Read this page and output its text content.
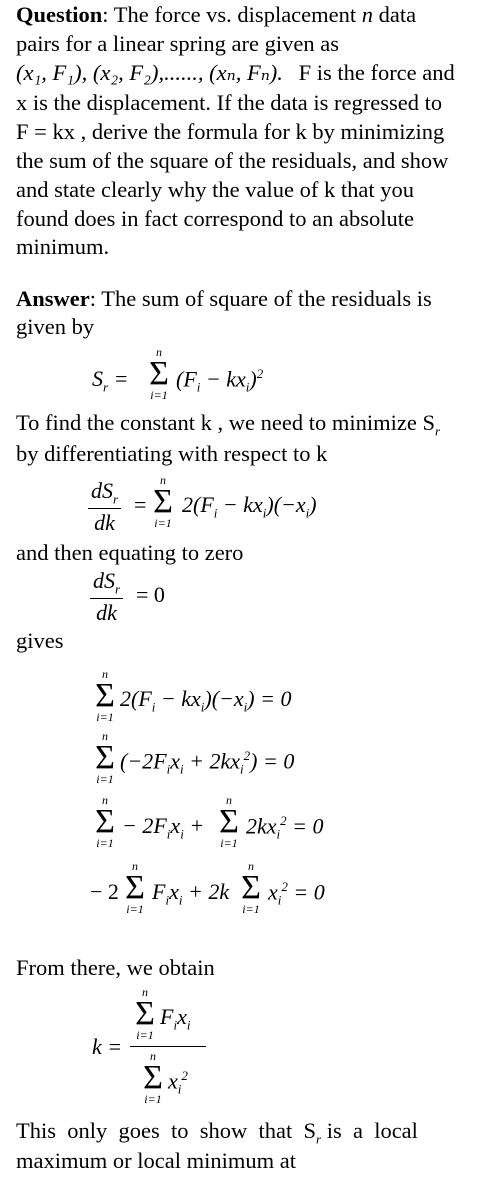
Question: The force vs. displacement n data
pairs for a linear spring are given as
(x₁, F₁), (x₂, F₂),......, (xₙ, Fₙ). F is the force and
x is the displacement. If the data is regressed to
F = kx , derive the formula for k by minimizing
the sum of the square of the residuals, and show
and state clearly why the value of k that you
found does in fact correspond to an absolute
minimum.
Answer: The sum of square of the residuals is
given by
$S_r$ =
n
Σ
i=1
$(F_i - kx_i)^2$
To find the constant k , we need to minimize $S_r$
by differentiating with respect to k
$dS_r$
dk
=
n
Σ
i=1
$2(F_i - kx_i)(-x_i)$
and then equating to zero
$dS_r$
dk
= 0
gives
n
Σ
i=1
$2(F_i - kx_i)(-x_i) = 0$
n
Σ
i=1
$(-2F_ix_i + 2kx_i^2) = 0$
n
Σ
i=1
− $2F_ix_i$ +
n
Σ
i=1
$2kx_i^2 = 0$
− 2
n
Σ
i=1
$F_ix_i + 2k$
n
Σ
i=1
$x_i^2 = 0$
From there, we obtain
k =
n
Σ
i=1
$F_ix_i$
n
Σ
i=1
$x_i^2$
This  only  goes  to  show  that  $S_r$ is  a  local
maximum or local minimum at
